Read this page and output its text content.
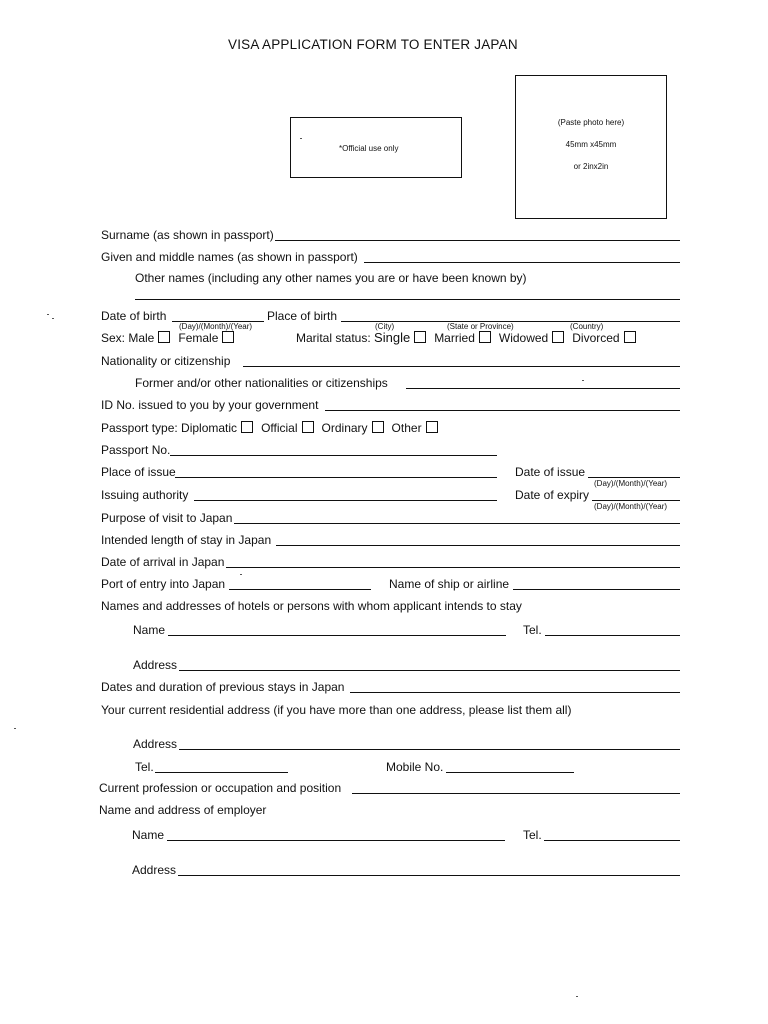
VISA APPLICATION FORM TO ENTER JAPAN
*Official use only
(Paste photo here)
45mm x45mm
or 2inx2in
Surname (as shown in passport)
Given and middle names (as shown in passport)
Other names (including any other names you are or have been known by)
Date of birth
(Day)/(Month)/(Year)
Place of birth
(City)	(State or Province)	(Country)
Sex: Male Female	Marital status: Single Married Widowed Divorced
Nationality or citizenship
Former and/or other nationalities or citizenships
ID No. issued to you by your government
Passport type: Diplomatic Official Ordinary Other
Passport No.
Place of issue	Date of issue
(Day)/(Month)/(Year)
Issuing authority	Date of expiry
(Day)/(Month)/(Year)
Purpose of visit to Japan
Intended length of stay in Japan
Date of arrival in Japan
Port of entry into Japan	Name of ship or airline
Names and addresses of hotels or persons with whom applicant intends to stay
Name	Tel.
Address
Dates and duration of previous stays in Japan
Your current residential address (if you have more than one address, please list them all)
Address
Tel.	Mobile No.
Current profession or occupation and position
Name and address of employer
Name	Tel.
Address
